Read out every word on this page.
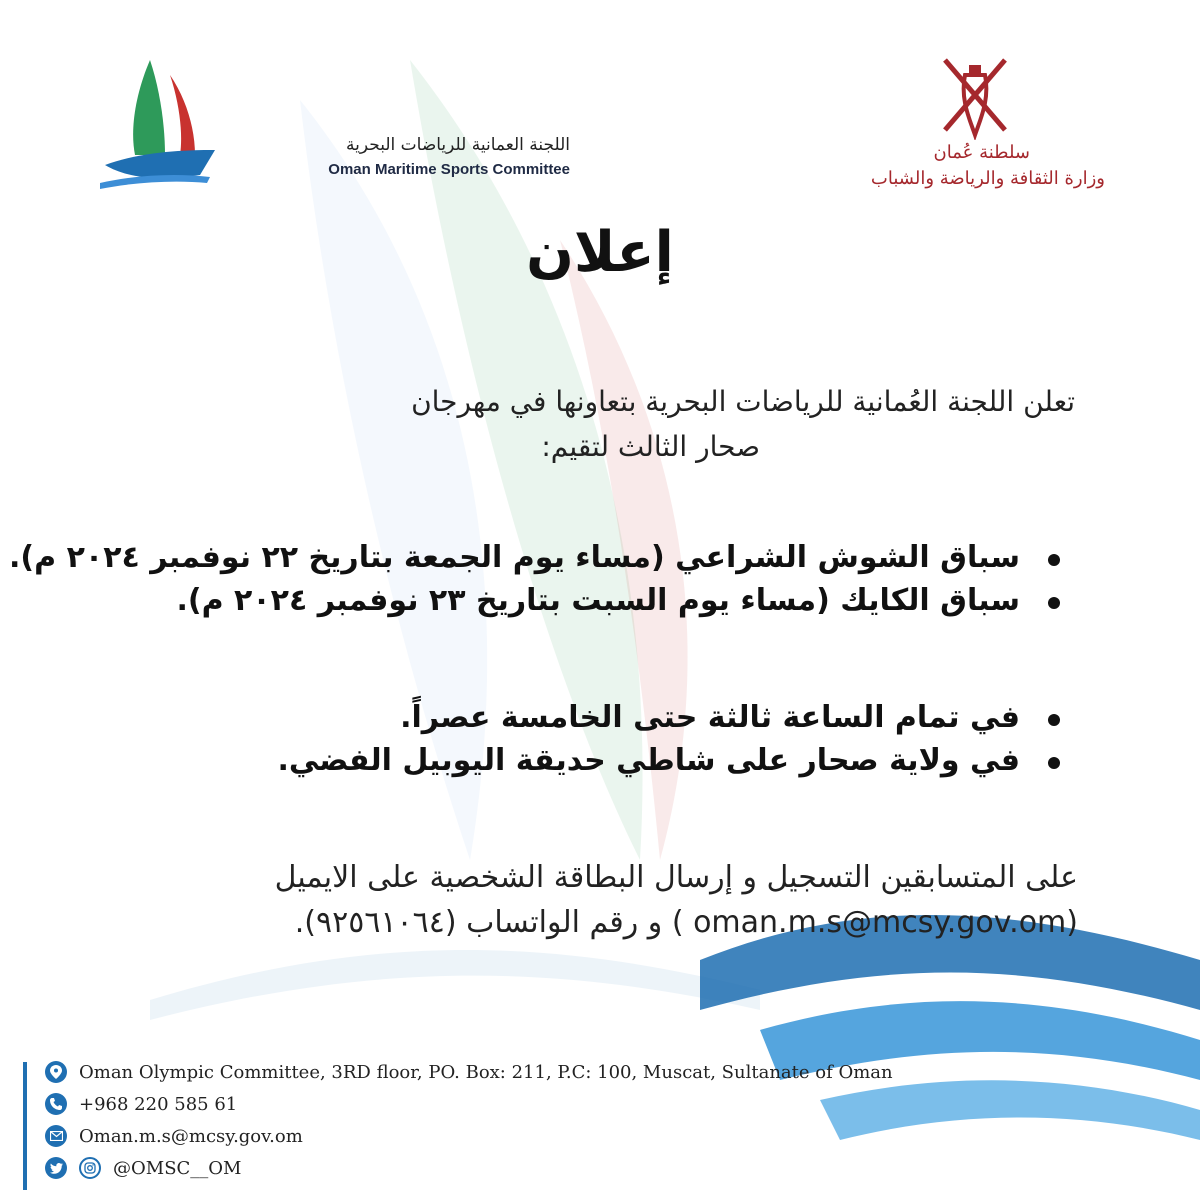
اللجنة العمانية للرياضات البحرية
Oman Maritime Sports Committee
سلطنة عُمان
وزارة الثقافة والرياضة والشباب
إعلان
تعلن اللجنة العُمانية للرياضات البحرية بتعاونها في مهرجان
صحار الثالث لتقيم:
سباق الشوش الشراعي (مساء يوم الجمعة بتاريخ ٢٢ نوفمبر ٢٠٢٤ م).
سباق الكايك (مساء يوم السبت بتاريخ ٢٣ نوفمبر ٢٠٢٤ م).
في تمام الساعة ثالثة حتى الخامسة عصراً.
في ولاية صحار على شاطي حديقة اليوبيل الفضي.
على المتسابقين التسجيل و إرسال البطاقة الشخصية على الايميل
(oman.m.s@mcsy.gov.om ) و رقم الواتساب (٩٢٥٦١٠٦٤).
Oman Olympic Committee, 3RD floor, PO. Box: 211, P.C: 100, Muscat, Sultanate of Oman
+968 220 585 61
Oman.m.s@mcsy.gov.om
@OMSC__OM
